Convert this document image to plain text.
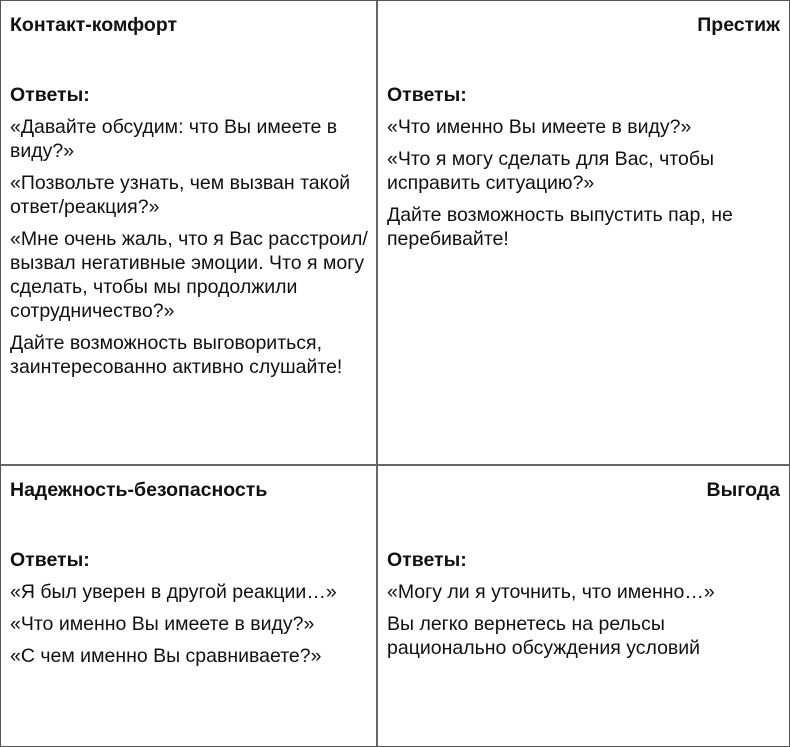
Контакт-комфорт

Ответы:

«Давайте обсудим: что Вы имеете в виду?»

«Позвольте узнать, чем вызван такой ответ/реакция?»

«Мне очень жаль, что я Вас расстроил/вызвал негативные эмоции. Что я могу сделать, чтобы мы продолжили сотрудничество?»

Дайте возможность выговориться, заинтересованно активно слушайте!

Престиж

Ответы:

«Что именно Вы имеете в виду?»

«Что я могу сделать для Вас, чтобы исправить ситуацию?»

Дайте возможность выпустить пар, не перебивайте!

Надежность-безопасность

Ответы:

«Я был уверен в другой реакции…»

«Что именно Вы имеете в виду?»

«С чем именно Вы сравниваете?»

Выгода

Ответы:

«Могу ли я уточнить, что именно…»

Вы легко вернетесь на рельсы рационально обсуждения условий
